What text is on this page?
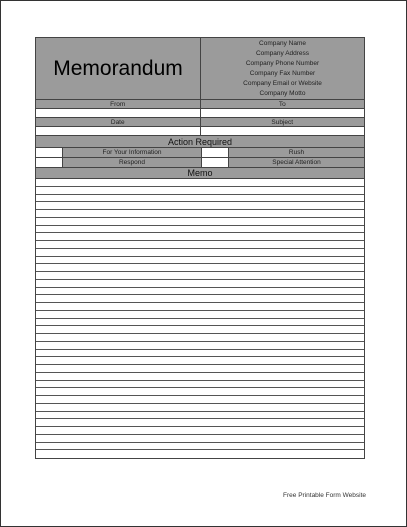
Memorandum
Company Name
Company Address
Company Phone Number
Company Fax Number
Company Email or Website
Company Motto
From	To
Date	Subject
Action Required
For Your Information	Rush
Respond	Special Attention
Memo
Free Printable Form Website
